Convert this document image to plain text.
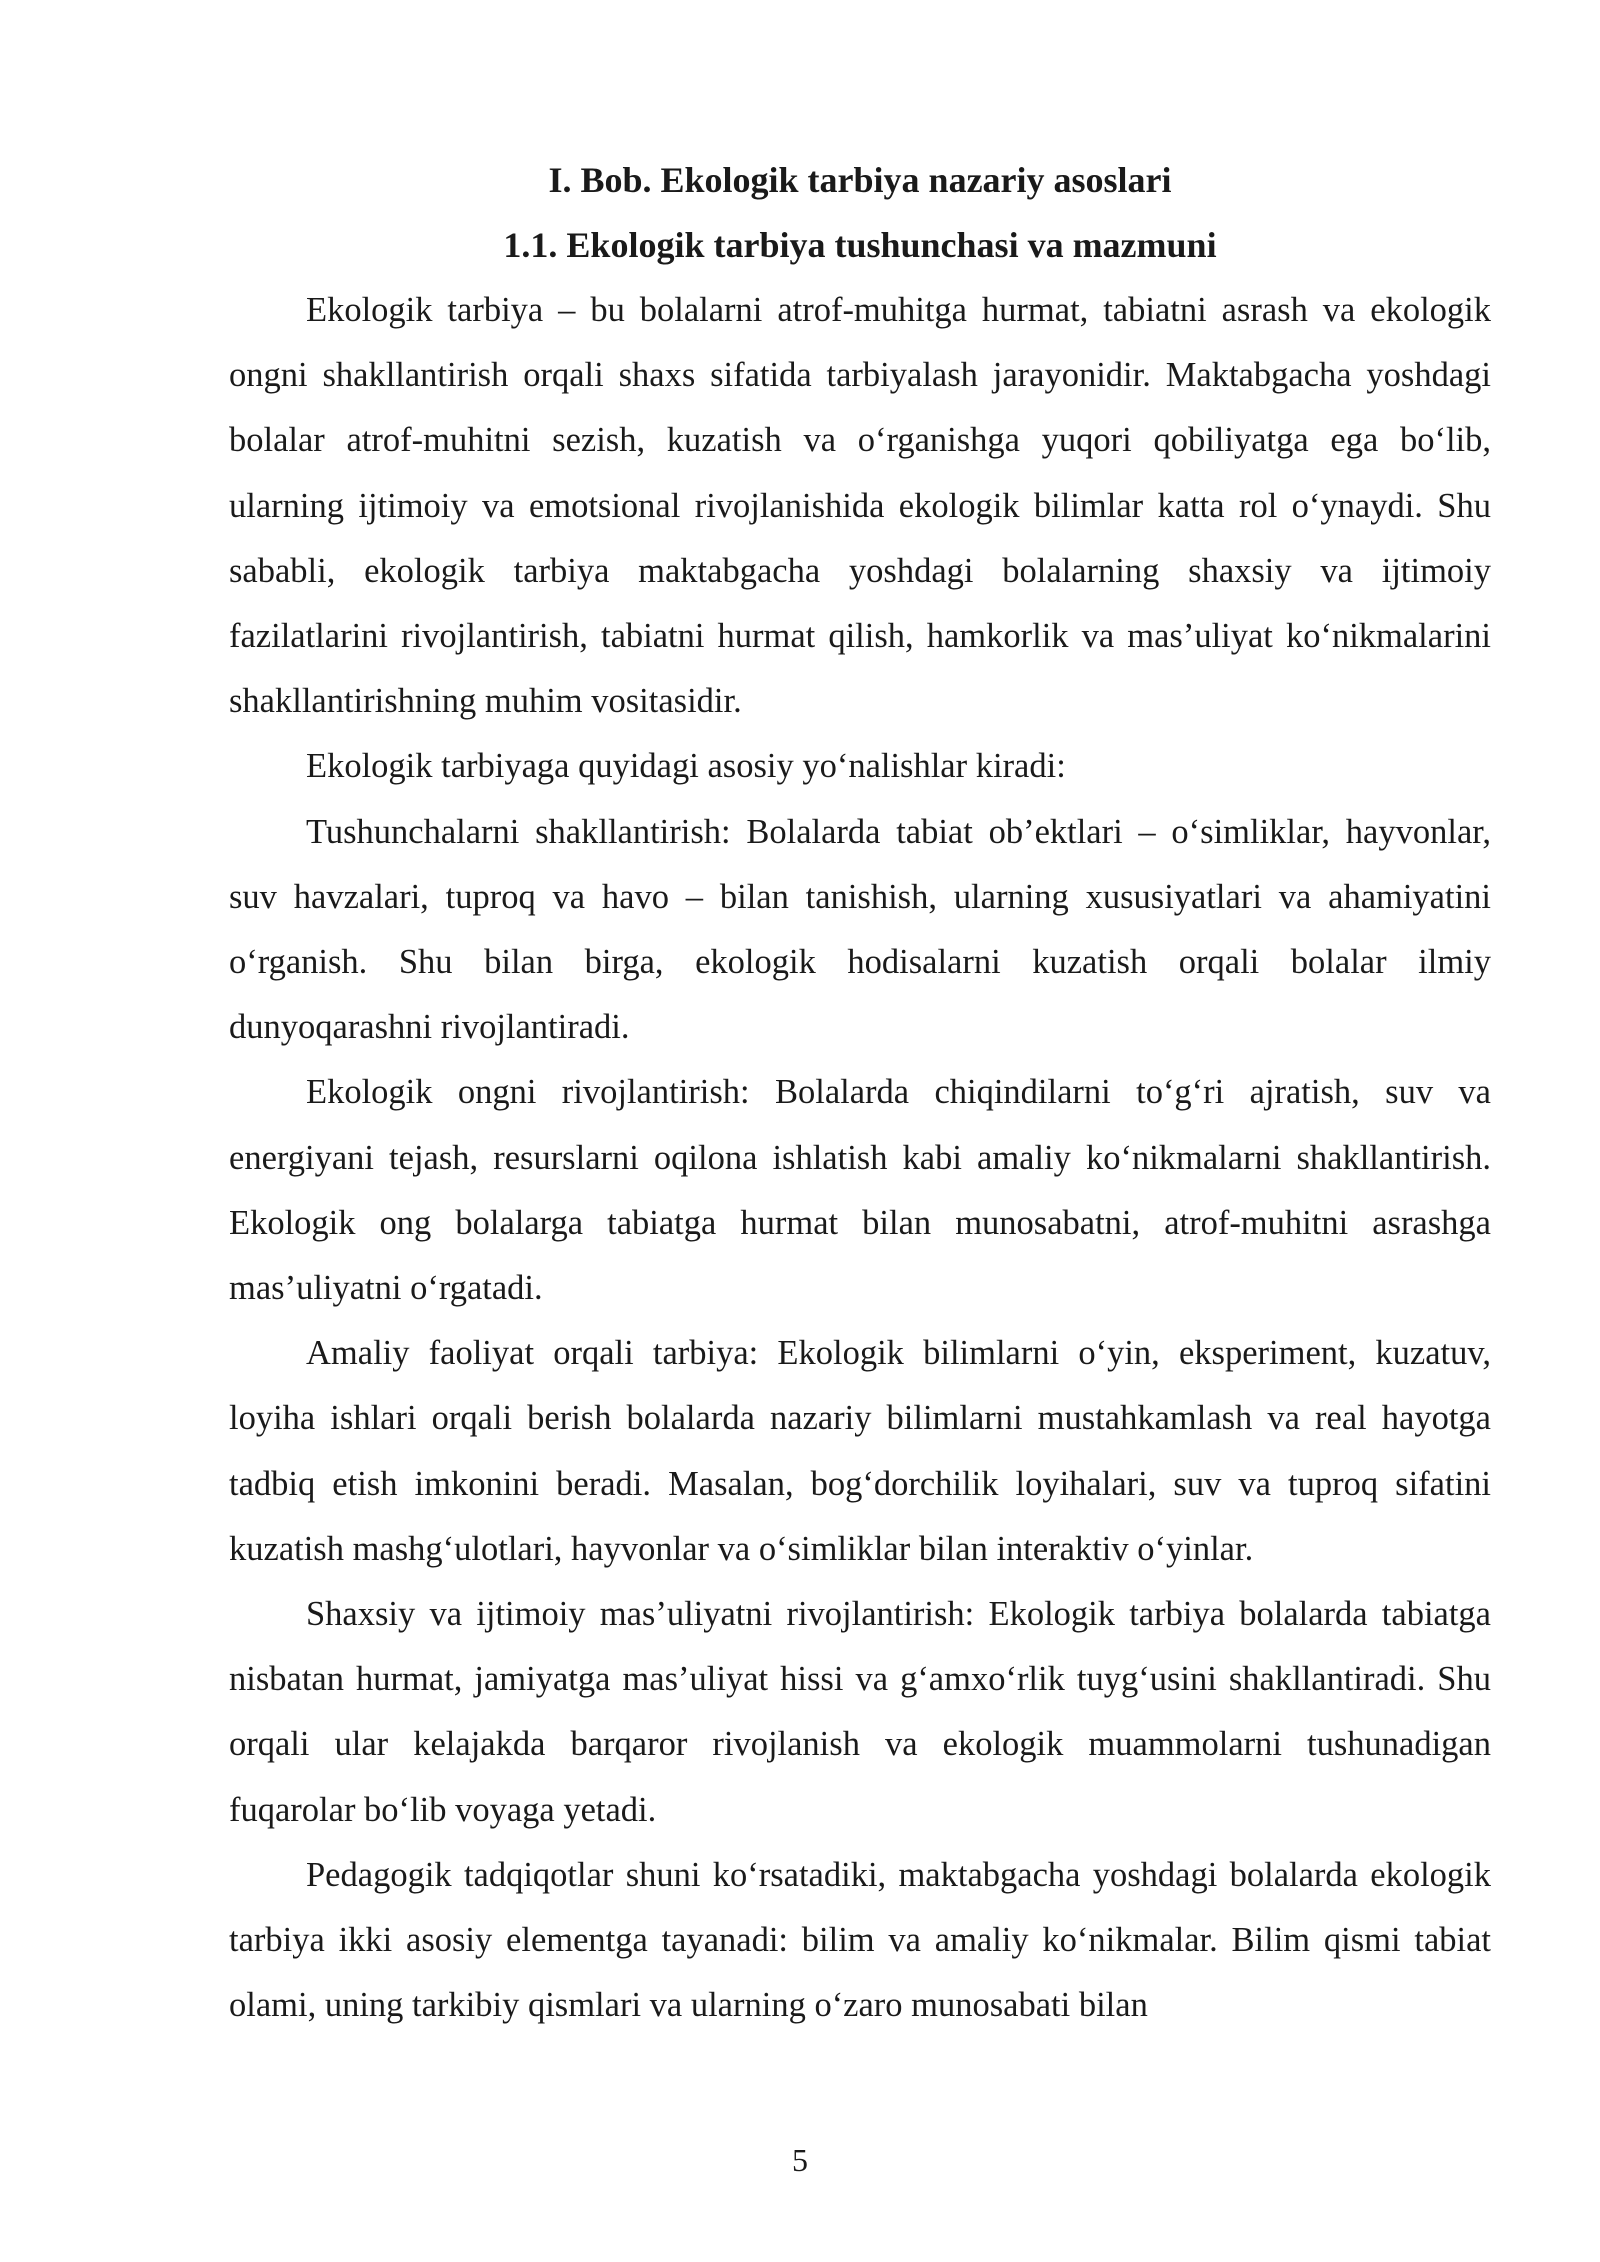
I. Bob. Ekologik tarbiya nazariy asoslari

1.1. Ekologik tarbiya tushunchasi va mazmuni

Ekologik tarbiya – bu bolalarni atrof-muhitga hurmat, tabiatni asrash va ekologik ongni shakllantirish orqali shaxs sifatida tarbiyalash jarayonidir. Maktabgacha yoshdagi bolalar atrof-muhitni sezish, kuzatish va o‘rganishga yuqori qobiliyatga ega bo‘lib, ularning ijtimoiy va emotsional rivojlanishida ekologik bilimlar katta rol o‘ynaydi. Shu sababli, ekologik tarbiya maktabgacha yoshdagi bolalarning shaxsiy va ijtimoiy fazilatlarini rivojlantirish, tabiatni hurmat qilish, hamkorlik va mas’uliyat ko‘nikmalarini shakllantirishning muhim vositasidir.

Ekologik tarbiyaga quyidagi asosiy yo‘nalishlar kiradi:

Tushunchalarni shakllantirish: Bolalarda tabiat ob’ektlari – o‘simliklar, hayvonlar, suv havzalari, tuproq va havo – bilan tanishish, ularning xususiyatlari va ahamiyatini o‘rganish. Shu bilan birga, ekologik hodisalarni kuzatish orqali bolalar ilmiy dunyoqarashni rivojlantiradi.

Ekologik ongni rivojlantirish: Bolalarda chiqindilarni to‘g‘ri ajratish, suv va energiyani tejash, resurslarni oqilona ishlatish kabi amaliy ko‘nikmalarni shakllantirish. Ekologik ong bolalarga tabiatga hurmat bilan munosabatni, atrof-muhitni asrashga mas’uliyatni o‘rgatadi.

Amaliy faoliyat orqali tarbiya: Ekologik bilimlarni o‘yin, eksperiment, kuzatuv, loyiha ishlari orqali berish bolalarda nazariy bilimlarni mustahkamlash va real hayotga tadbiq etish imkonini beradi. Masalan, bog‘dorchilik loyihalari, suv va tuproq sifatini kuzatish mashg‘ulotlari, hayvonlar va o‘simliklar bilan interaktiv o‘yinlar.

Shaxsiy va ijtimoiy mas’uliyatni rivojlantirish: Ekologik tarbiya bolalarda tabiatga nisbatan hurmat, jamiyatga mas’uliyat hissi va g‘amxo‘rlik tuyg‘usini shakllantiradi. Shu orqali ular kelajakda barqaror rivojlanish va ekologik muammolarni tushunadigan fuqarolar bo‘lib voyaga yetadi.

Pedagogik tadqiqotlar shuni ko‘rsatadiki, maktabgacha yoshdagi bolalarda ekologik tarbiya ikki asosiy elementga tayanadi: bilim va amaliy ko‘nikmalar. Bilim qismi tabiat olami, uning tarkibiy qismlari va ularning o‘zaro munosabati bilan

5
